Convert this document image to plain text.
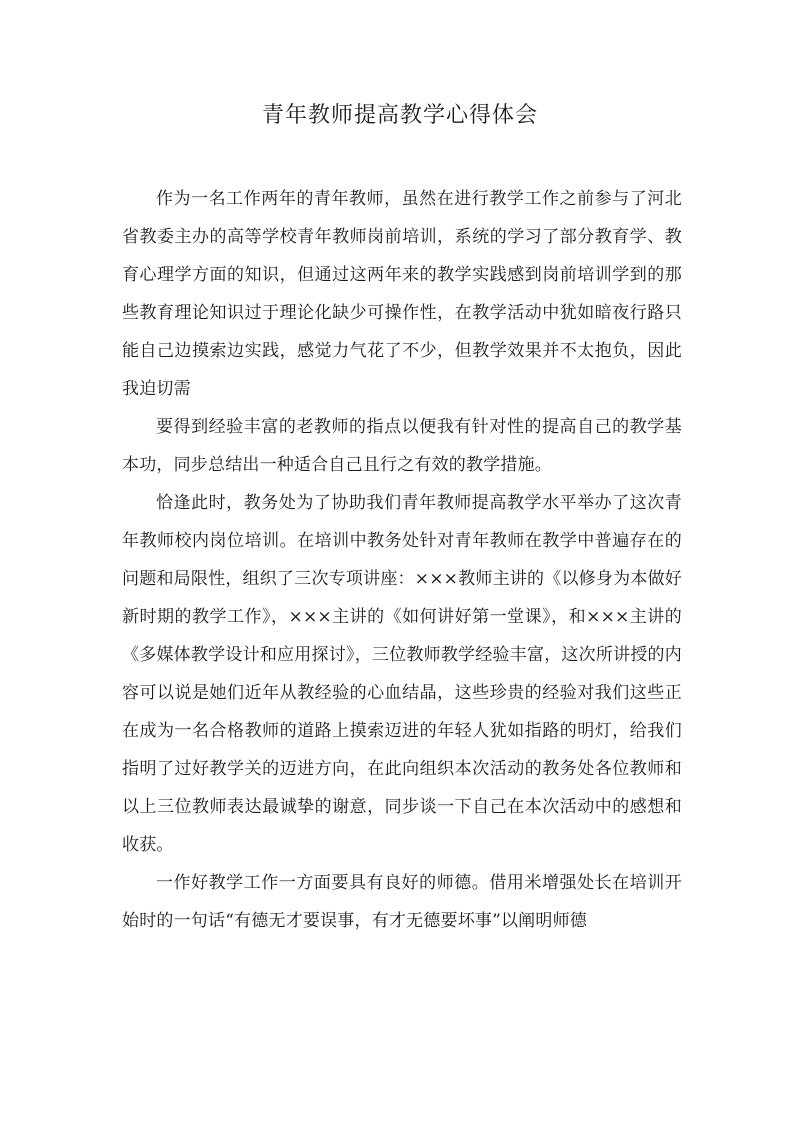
青年教师提高教学心得体会

作为一名工作两年的青年教师，虽然在进行教学工作之前参与了河北省教委主办的高等学校青年教师岗前培训，系统的学习了部分教育学、教育心理学方面的知识，但通过这两年来的教学实践感到岗前培训学到的那些教育理论知识过于理论化缺少可操作性，在教学活动中犹如暗夜行路只能自己边摸索边实践，感觉力气花了不少，但教学效果并不太抱负，因此我迫切需

要得到经验丰富的老教师的指点以便我有针对性的提高自己的教学基本功，同步总结出一种适合自己且行之有效的教学措施。

恰逢此时，教务处为了协助我们青年教师提高教学水平举办了这次青年教师校内岗位培训。在培训中教务处针对青年教师在教学中普遍存在的问题和局限性，组织了三次专项讲座：×××教师主讲的《以修身为本做好新时期的教学工作》，×××主讲的《如何讲好第一堂课》，和×××主讲的《多媒体教学设计和应用探讨》，三位教师教学经验丰富，这次所讲授的内容可以说是她们近年从教经验的心血结晶，这些珍贵的经验对我们这些正在成为一名合格教师的道路上摸索迈进的年轻人犹如指路的明灯，给我们指明了过好教学关的迈进方向，在此向组织本次活动的教务处各位教师和以上三位教师表达最诚挚的谢意，同步谈一下自己在本次活动中的感想和收获。

一作好教学工作一方面要具有良好的师德。借用米增强处长在培训开始时的一句话“有德无才要误事，有才无德要坏事”以阐明师德
